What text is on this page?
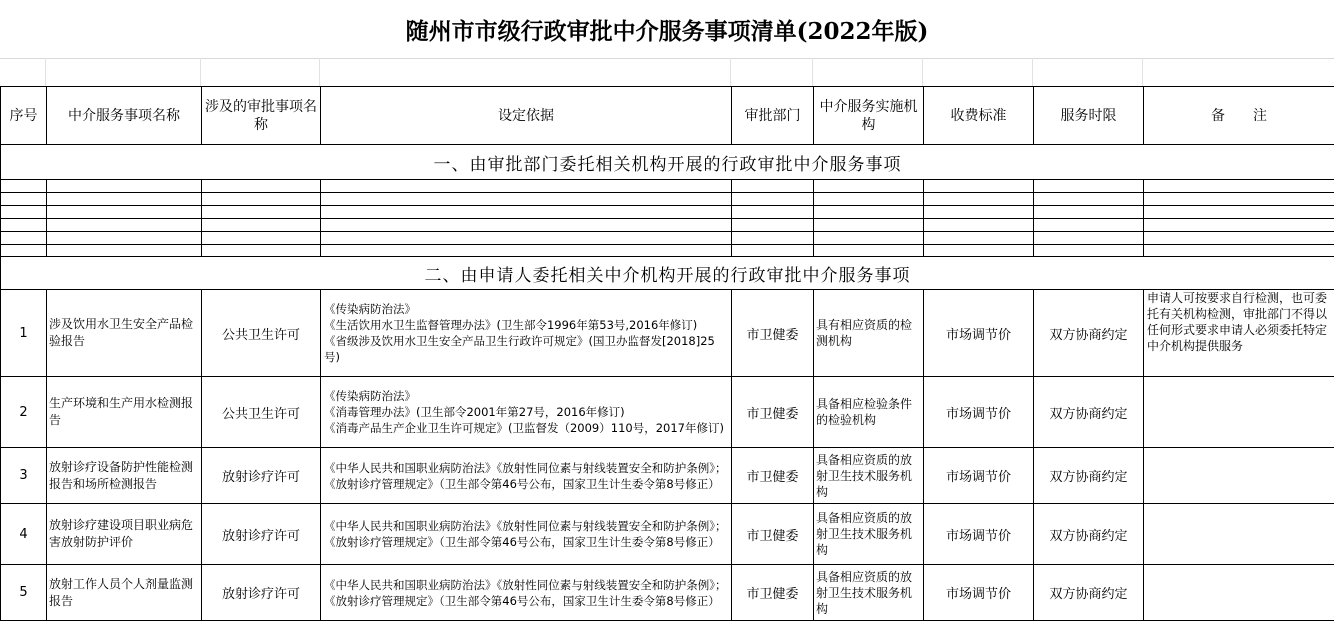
随州市市级行政审批中介服务事项清单(2022年版)
序号	中介服务事项名称	涉及的审批事项名称	设定依据	审批部门	中介服务实施机构	收费标准	服务时限	备　　注
一、由审批部门委托相关机构开展的行政审批中介服务事项								

二、由申请人委托相关中介机构开展的行政审批中介服务事项								
1	涉及饮用水卫生安全产品检验报告	公共卫生许可	《传染病防治法》
《生活饮用水卫生监督管理办法》(卫生部令1996年第53号,2016年修订)
《省级涉及饮用水卫生安全产品卫生行政许可规定》(国卫办监督发[2018]25号)	市卫健委	具有相应资质的检测机构	市场调节价	双方协商约定	申请人可按要求自行检测，也可委托有关机构检测，审批部门不得以任何形式要求申请人必须委托特定中介机构提供服务
2	生产环境和生产用水检测报告	公共卫生许可	《传染病防治法》
《消毒管理办法》(卫生部令2001年第27号，2016年修订)
《消毒产品生产企业卫生许可规定》(卫监督发（2009）110号，2017年修订)	市卫健委	具备相应检验条件的检验机构	市场调节价	双方协商约定	
3	放射诊疗设备防护性能检测报告和场所检测报告	放射诊疗许可	《中华人民共和国职业病防治法》《放射性同位素与射线装置安全和防护条例》；《放射诊疗管理规定》（卫生部令第46号公布，国家卫生计生委令第8号修正）	市卫健委	具备相应资质的放射卫生技术服务机构	市场调节价	双方协商约定	
4	放射诊疗建设项目职业病危害放射防护评价	放射诊疗许可	《中华人民共和国职业病防治法》《放射性同位素与射线装置安全和防护条例》；《放射诊疗管理规定》（卫生部令第46号公布，国家卫生计生委令第8号修正）	市卫健委	具备相应资质的放射卫生技术服务机构	市场调节价	双方协商约定	
5	放射工作人员个人剂量监测报告	放射诊疗许可	《中华人民共和国职业病防治法》《放射性同位素与射线装置安全和防护条例》；《放射诊疗管理规定》（卫生部令第46号公布，国家卫生计生委令第8号修正）	市卫健委	具备相应资质的放射卫生技术服务机构	市场调节价	双方协商约定	
